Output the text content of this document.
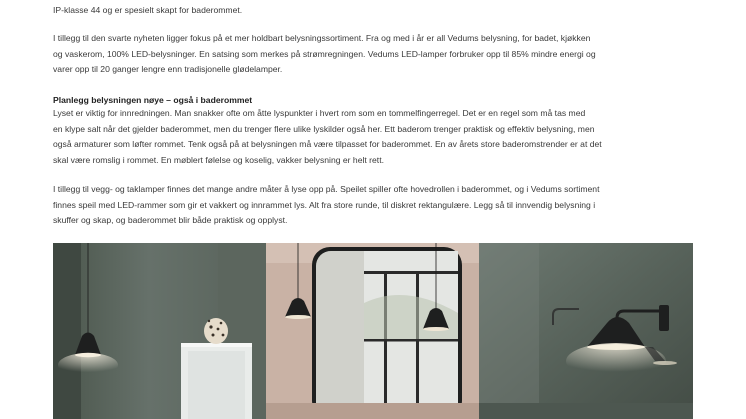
IP-klasse 44 og er spesielt skapt for baderommet.

I tillegg til den svarte nyheten ligger fokus på et mer holdbart belysningssortiment. Fra og med i år er all Vedums belysning, for badet, kjøkken
og vaskerom, 100% LED-belysninger. En satsing som merkes på strømregningen. Vedums LED-lamper forbruker opp til 85% mindre energi og
varer opp til 20 ganger lengre enn tradisjonelle glødelamper.

Planlegg belysningen nøye – også i baderommet

Lyset er viktig for innredningen. Man snakker ofte om åtte lyspunkter i hvert rom som en tommelfingerregel. Det er en regel som må tas med
en klype salt når det gjelder baderommet, men du trenger flere ulike lyskilder også her. Ett baderom trenger praktisk og effektiv belysning, men
også armaturer som løfter rommet. Tenk også på at belysningen må være tilpasset for baderommet. En av årets store baderomstrender er at det
skal være romslig i rommet. En møblert følelse og koselig, vakker belysning er helt rett.

I tillegg til vegg- og taklamper finnes det mange andre måter å lyse opp på. Speilet spiller ofte hovedrollen i baderommet, og i Vedums sortiment
finnes speil med LED-rammer som gir et vakkert og innrammet lys. Alt fra store runde, til diskret rektangulære. Legg så til innvendig belysning i
skuffer og skap, og baderommet blir både praktisk og opplyst.
